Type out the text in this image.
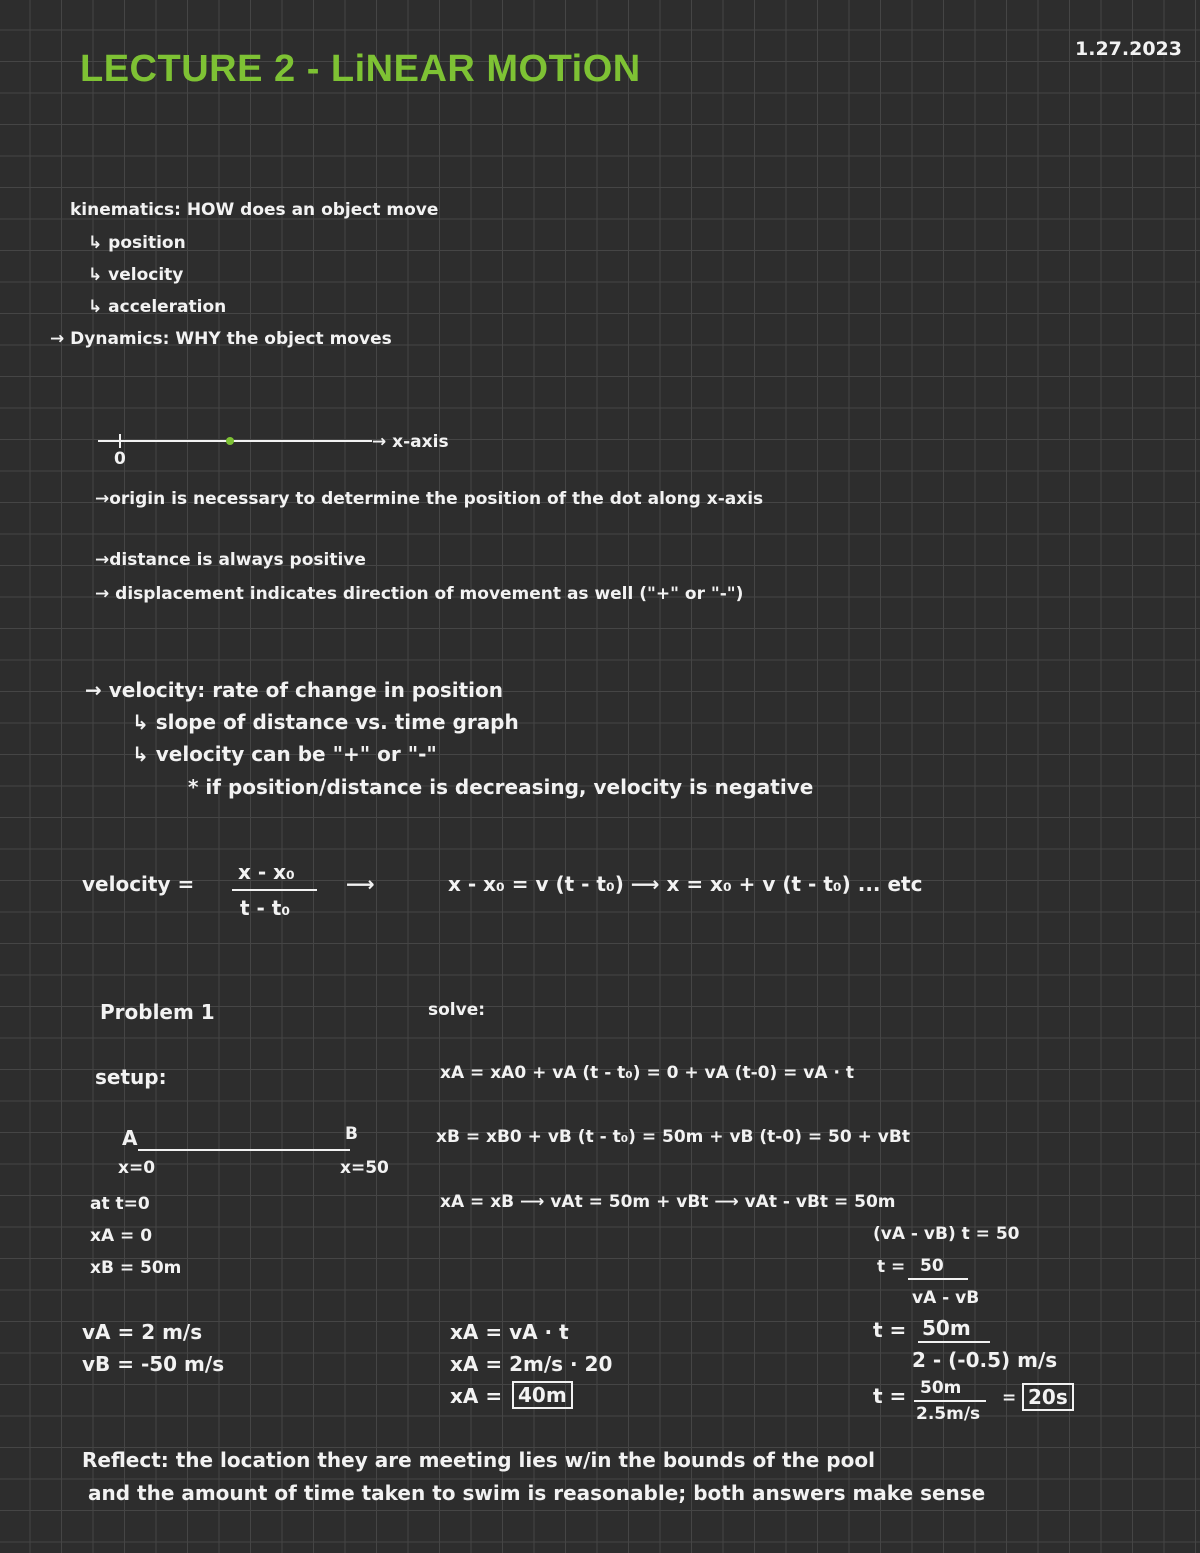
LECTURE 2 - LiNEAR MOTiON	1.27.2023
kinematics: HOW does an object move
↳ position
↳ velocity
↳ acceleration
→ Dynamics: WHY the object moves
→ x-axis
0
→origin is necessary to determine the position of the dot along x-axis
→distance is always positive
→ displacement indicates direction of movement as well ("+" or "-")
→ velocity: rate of change in position
↳ slope of distance vs. time graph
↳ velocity can be "+" or "-"
* if position/distance is decreasing, velocity is negative
velocity = x - x₀
t - t₀
⟶	x - x₀ = v (t - t₀) ⟶ x = x₀ + v (t - t₀) ... etc
Problem 1
setup:
A	B
x=0	x=50
at t=0
xA = 0
xB = 50m
vA = 2 m/s
vB = -50 m/s
solve:
xA = xA0 + vA (t - t₀) = 0 + vA (t-0) = vA · t
xB = xB0 + vB (t - t₀) = 50m + vB (t-0) = 50 + vBt
xA = xB ⟶ vAt = 50m + vBt ⟶ vAt - vBt = 50m
(vA - vB) t = 50
t = 50
vA - vB
t = 50m
2 - (-0.5) m/s
t = 50m
2.5m/s
= 20s
xA = vA · t
xA = 2m/s · 20
xA = 40m
Reflect: the location they are meeting lies w/in the bounds of the pool
and the amount of time taken to swim is reasonable; both answers make sense
